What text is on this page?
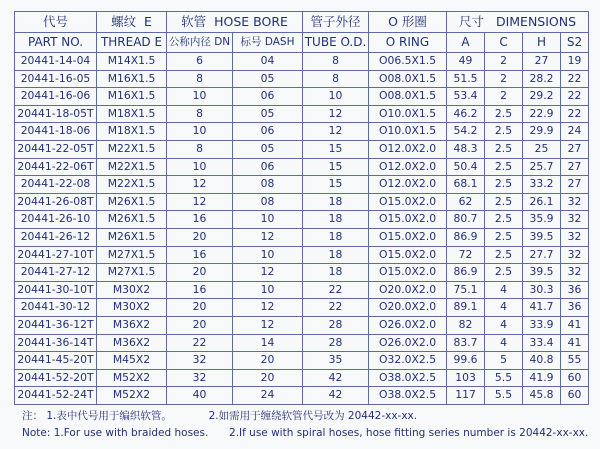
代号	螺纹 E	软管 HOSE BORE		管子外径	O 形圈	尺寸 DIMENSIONS			
PART NO.	THREAD E	公称内径 DN	标号 DASH	TUBE O.D.	O RING	A	C	H	S2
20441-14-04	M14X1.5	6	04	8	O06.5X1.5	49	2	27	19
20441-16-05	M16X1.5	8	05	8	O08.0X1.5	51.5	2	28.2	22
20441-16-06	M16X1.5	10	06	10	O08.0X1.5	53.4	2	29.2	22
20441-18-05T	M18X1.5	8	05	12	O10.0X1.5	46.2	2.5	22.9	22
20441-18-06	M18X1.5	10	06	12	O10.0X1.5	54.2	2.5	29.9	24
20441-22-05T	M22X1.5	8	05	15	O12.0X2.0	48.3	2.5	25	27
20441-22-06T	M22X1.5	10	06	15	O12.0X2.0	50.4	2.5	25.7	27
20441-22-08	M22X1.5	12	08	15	O12.0X2.0	68.1	2.5	33.2	27
20441-26-08T	M26X1.5	12	08	18	O15.0X2.0	62	2.5	26.1	32
20441-26-10	M26X1.5	16	10	18	O15.0X2.0	80.7	2.5	35.9	32
20441-26-12	M26X1.5	20	12	18	O15.0X2.0	86.9	2.5	39.5	32
20441-27-10T	M27X1.5	16	10	18	O15.0X2.0	72	2.5	27.7	32
20441-27-12	M27X1.5	20	12	18	O15.0X2.0	86.9	2.5	39.5	32
20441-30-10T	M30X2	16	10	22	O20.0X2.0	75.1	4	30.3	36
20441-30-12	M30X2	20	12	22	O20.0X2.0	89.1	4	41.7	36
20441-36-12T	M36X2	20	12	28	O26.0X2.0	82	4	33.9	41
20441-36-14T	M36X2	22	14	28	O26.0X2.0	83.7	4	33.4	41
20441-45-20T	M45X2	32	20	35	O32.0X2.5	99.6	5	40.8	55
20441-52-20T	M52X2	32	20	42	O38.0X2.5	103	5.5	41.9	60
20441-52-24T	M52X2	40	24	42	O38.0X2.5	117	5.5	45.8	60
注： 1.表中代号用于编织软管。	2.如需用于缠绕软管代号改为 20442-xx-xx.
Note: 1.For use with braided hoses. 2.If use with spiral hoses, hose fitting series number is 20442-xx-xx.
